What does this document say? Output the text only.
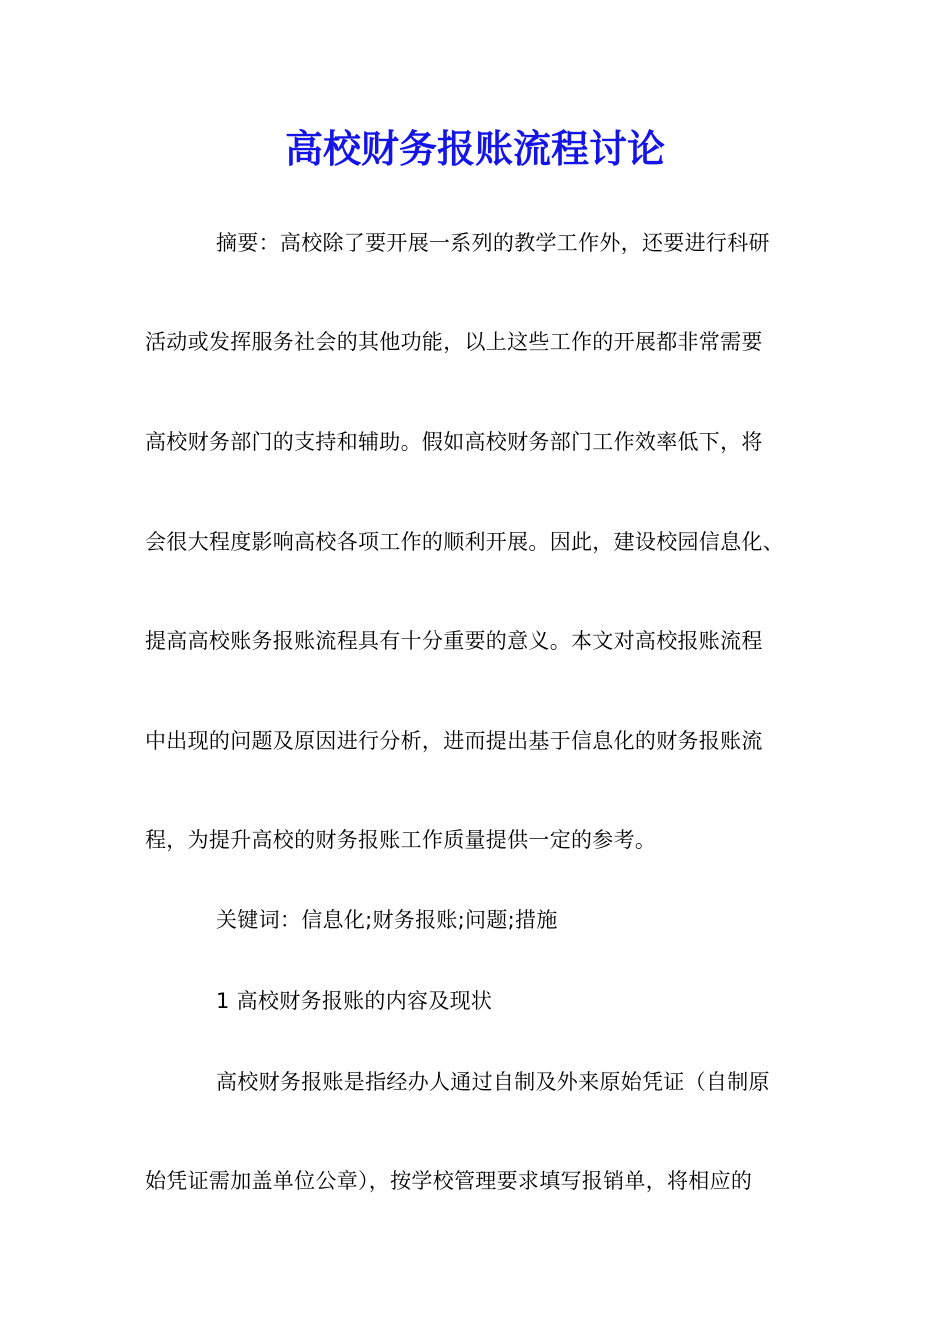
高校财务报账流程讨论
摘要：高校除了要开展一系列的教学工作外，还要进行科研
活动或发挥服务社会的其他功能，以上这些工作的开展都非常需要
高校财务部门的支持和辅助。假如高校财务部门工作效率低下，将
会很大程度影响高校各项工作的顺利开展。因此，建设校园信息化、
提高高校账务报账流程具有十分重要的意义。本文对高校报账流程
中出现的问题及原因进行分析，进而提出基于信息化的财务报账流
程，为提升高校的财务报账工作质量提供一定的参考。
关键词：信息化;财务报账;问题;措施
1 高校财务报账的内容及现状
高校财务报账是指经办人通过自制及外来原始凭证（自制原
始凭证需加盖单位公章），按学校管理要求填写报销单，将相应的
